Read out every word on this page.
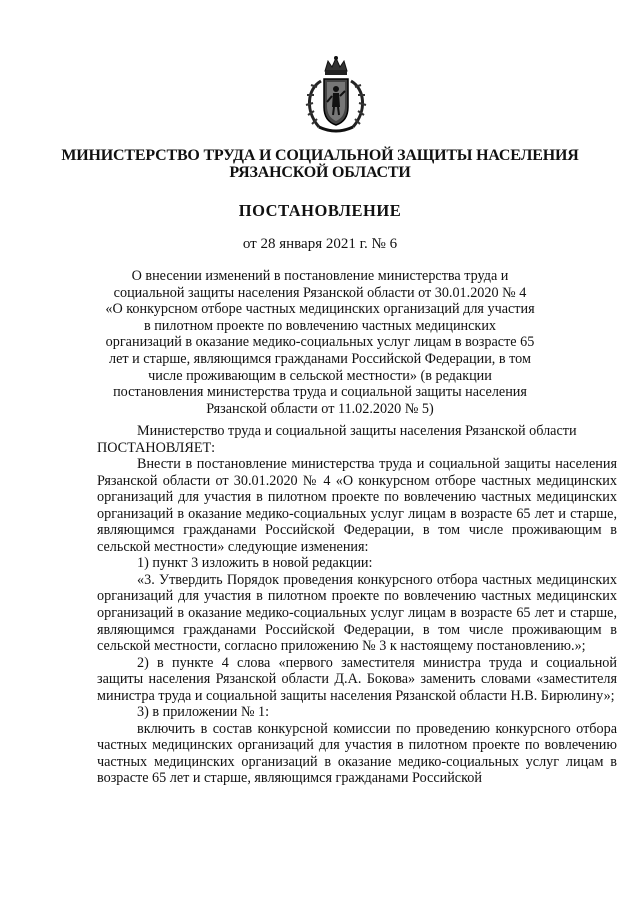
МИНИСТЕРСТВО ТРУДА И СОЦИАЛЬНОЙ ЗАЩИТЫ НАСЕЛЕНИЯ
РЯЗАНСКОЙ ОБЛАСТИ
ПОСТАНОВЛЕНИЕ
от 28 января 2021 г. № 6
О внесении изменений в постановление министерства труда и социальной защиты населения Рязанской области от 30.01.2020 № 4 «О конкурсном отборе частных медицинских организаций для участия в пилотном проекте по вовлечению частных медицинских организаций в оказание медико-социальных услуг лицам в возрасте 65 лет и старше, являющимся гражданами Российской Федерации, в том числе проживающим в сельской местности» (в редакции постановления министерства труда и социальной защиты населения Рязанской области от 11.02.2020 № 5)

Министерство труда и социальной защиты населения Рязанской области

ПОСТАНОВЛЯЕТ:

Внести в постановление министерства труда и социальной защиты населения Рязанской области от 30.01.2020 № 4 «О конкурсном отборе частных медицинских организаций для участия в пилотном проекте по вовлечению частных медицинских организаций в оказание медико-социальных услуг лицам в возрасте 65 лет и старше, являющимся гражданами Российской Федерации, в том числе проживающим в сельской местности» следующие изменения:

1) пункт 3 изложить в новой редакции:

«3. Утвердить Порядок проведения конкурсного отбора частных медицинских организаций для участия в пилотном проекте по вовлечению частных медицинских организаций в оказание медико-социальных услуг лицам в возрасте 65 лет и старше, являющимся гражданами Российской Федерации, в том числе проживающим в сельской местности, согласно приложению № 3 к настоящему постановлению.»;

2) в пункте 4 слова «первого заместителя министра труда и социальной защиты населения Рязанской области Д.А. Бокова» заменить словами «заместителя министра труда и социальной защиты населения Рязанской области Н.В. Бирюлину»;

3) в приложении № 1:

включить в состав конкурсной комиссии по проведению конкурсного отбора частных медицинских организаций для участия в пилотном проекте по вовлечению частных медицинских организаций в оказание медико-социальных услуг лицам в возрасте 65 лет и старше, являющимся гражданами Российской
